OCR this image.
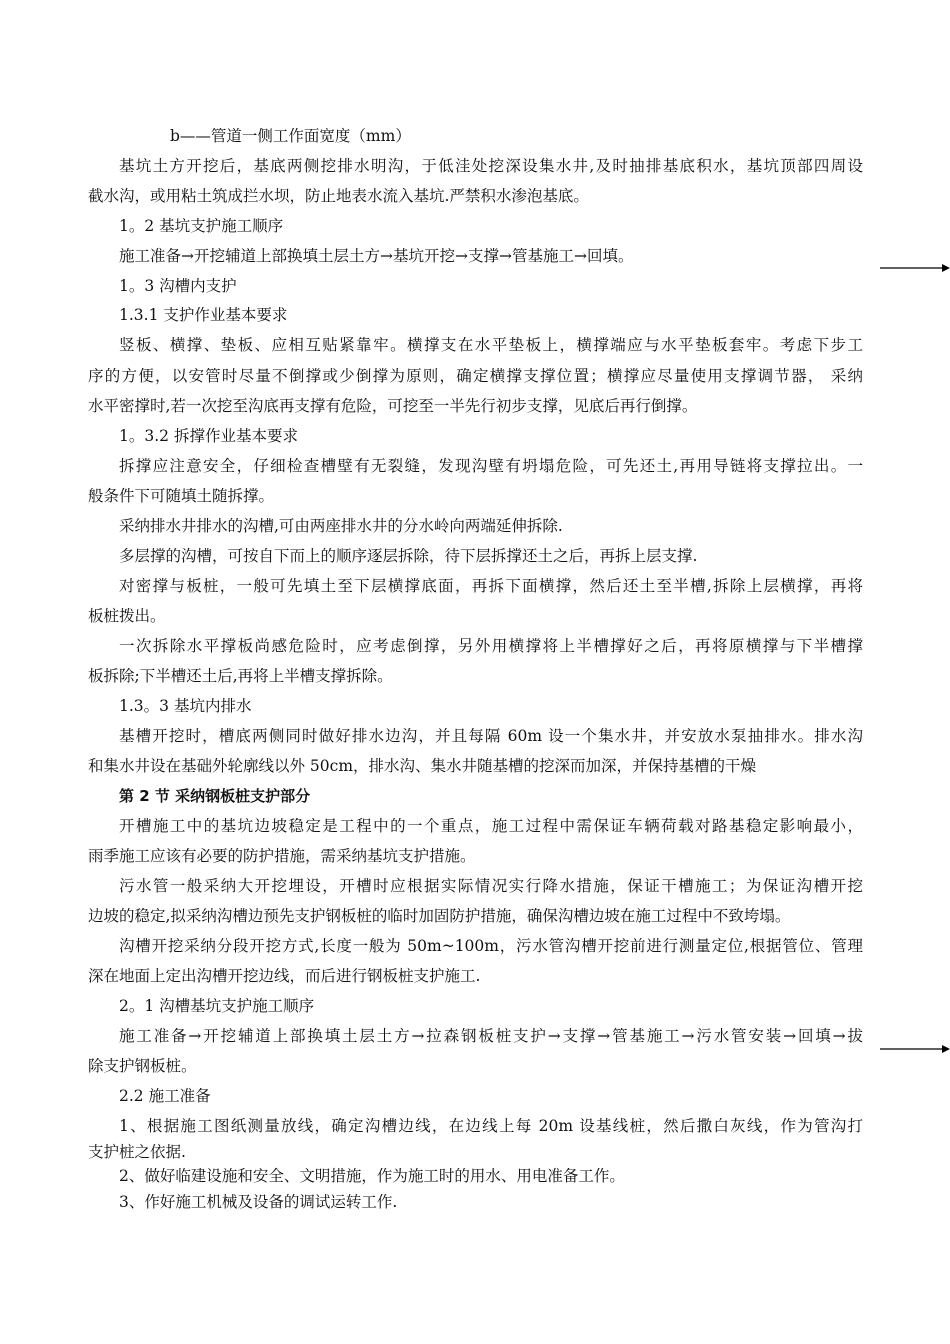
b——管道一侧工作面宽度（mm）
基坑土方开挖后，基底两侧挖排水明沟，于低洼处挖深设集水井,及时抽排基底积水，基坑顶部四周设
截水沟，或用粘土筑成拦水坝，防止地表水流入基坑.严禁积水渗泡基底。
1。2 基坑支护施工顺序
施工准备→开挖辅道上部换填土层土方→基坑开挖→支撑→管基施工→回填。
1。3 沟槽内支护
1.3.1 支护作业基本要求
竖板、横撑、垫板、应相互贴紧靠牢。横撑支在水平垫板上，横撑端应与水平垫板套牢。考虑下步工
序的方便，以安管时尽量不倒撑或少倒撑为原则，确定横撑支撑位置；横撑应尽量使用支撑调节器， 采纳
水平密撑时,若一次挖至沟底再支撑有危险，可挖至一半先行初步支撑，见底后再行倒撑。
1。3.2 拆撑作业基本要求
拆撑应注意安全，仔细检查槽壁有无裂缝，发现沟壁有坍塌危险，可先还土,再用导链将支撑拉出。一
般条件下可随填土随拆撑。
采纳排水井排水的沟槽,可由两座排水井的分水岭向两端延伸拆除.
多层撑的沟槽，可按自下而上的顺序逐层拆除，待下层拆撑还土之后，再拆上层支撑.
对密撑与板桩，一般可先填土至下层横撑底面，再拆下面横撑，然后还土至半槽,拆除上层横撑，再将
板桩拨出。
一次拆除水平撑板尚感危险时，应考虑倒撑，另外用横撑将上半槽撑好之后，再将原横撑与下半槽撑
板拆除;下半槽还土后,再将上半槽支撑拆除。
1.3。3 基坑内排水
基槽开挖时，槽底两侧同时做好排水边沟，并且每隔 60m 设一个集水井，并安放水泵抽排水。排水沟
和集水井设在基础外轮廓线以外 50cm，排水沟、集水井随基槽的挖深而加深，并保持基槽的干燥
第 2 节 采纳钢板桩支护部分
开槽施工中的基坑边坡稳定是工程中的一个重点，施工过程中需保证车辆荷载对路基稳定影响最小，
雨季施工应该有必要的防护措施，需采纳基坑支护措施。
污水管一般采纳大开挖埋设，开槽时应根据实际情况实行降水措施，保证干槽施工；为保证沟槽开挖
边坡的稳定,拟采纳沟槽边预先支护钢板桩的临时加固防护措施，确保沟槽边坡在施工过程中不致垮塌。
沟槽开挖采纳分段开挖方式,长度一般为 50m~100m，污水管沟槽开挖前进行测量定位,根据管位、管理
深在地面上定出沟槽开挖边线，而后进行钢板桩支护施工.
2。1 沟槽基坑支护施工顺序
施工准备→开挖辅道上部换填土层土方→拉森钢板桩支护→支撑→管基施工→污水管安装→回填→拔
除支护钢板桩。
2.2 施工准备
1、根据施工图纸测量放线，确定沟槽边线，在边线上每 20m 设基线桩，然后撒白灰线，作为管沟打
支护桩之依据.
2、做好临建设施和安全、文明措施，作为施工时的用水、用电准备工作。
3、作好施工机械及设备的调试运转工作.
